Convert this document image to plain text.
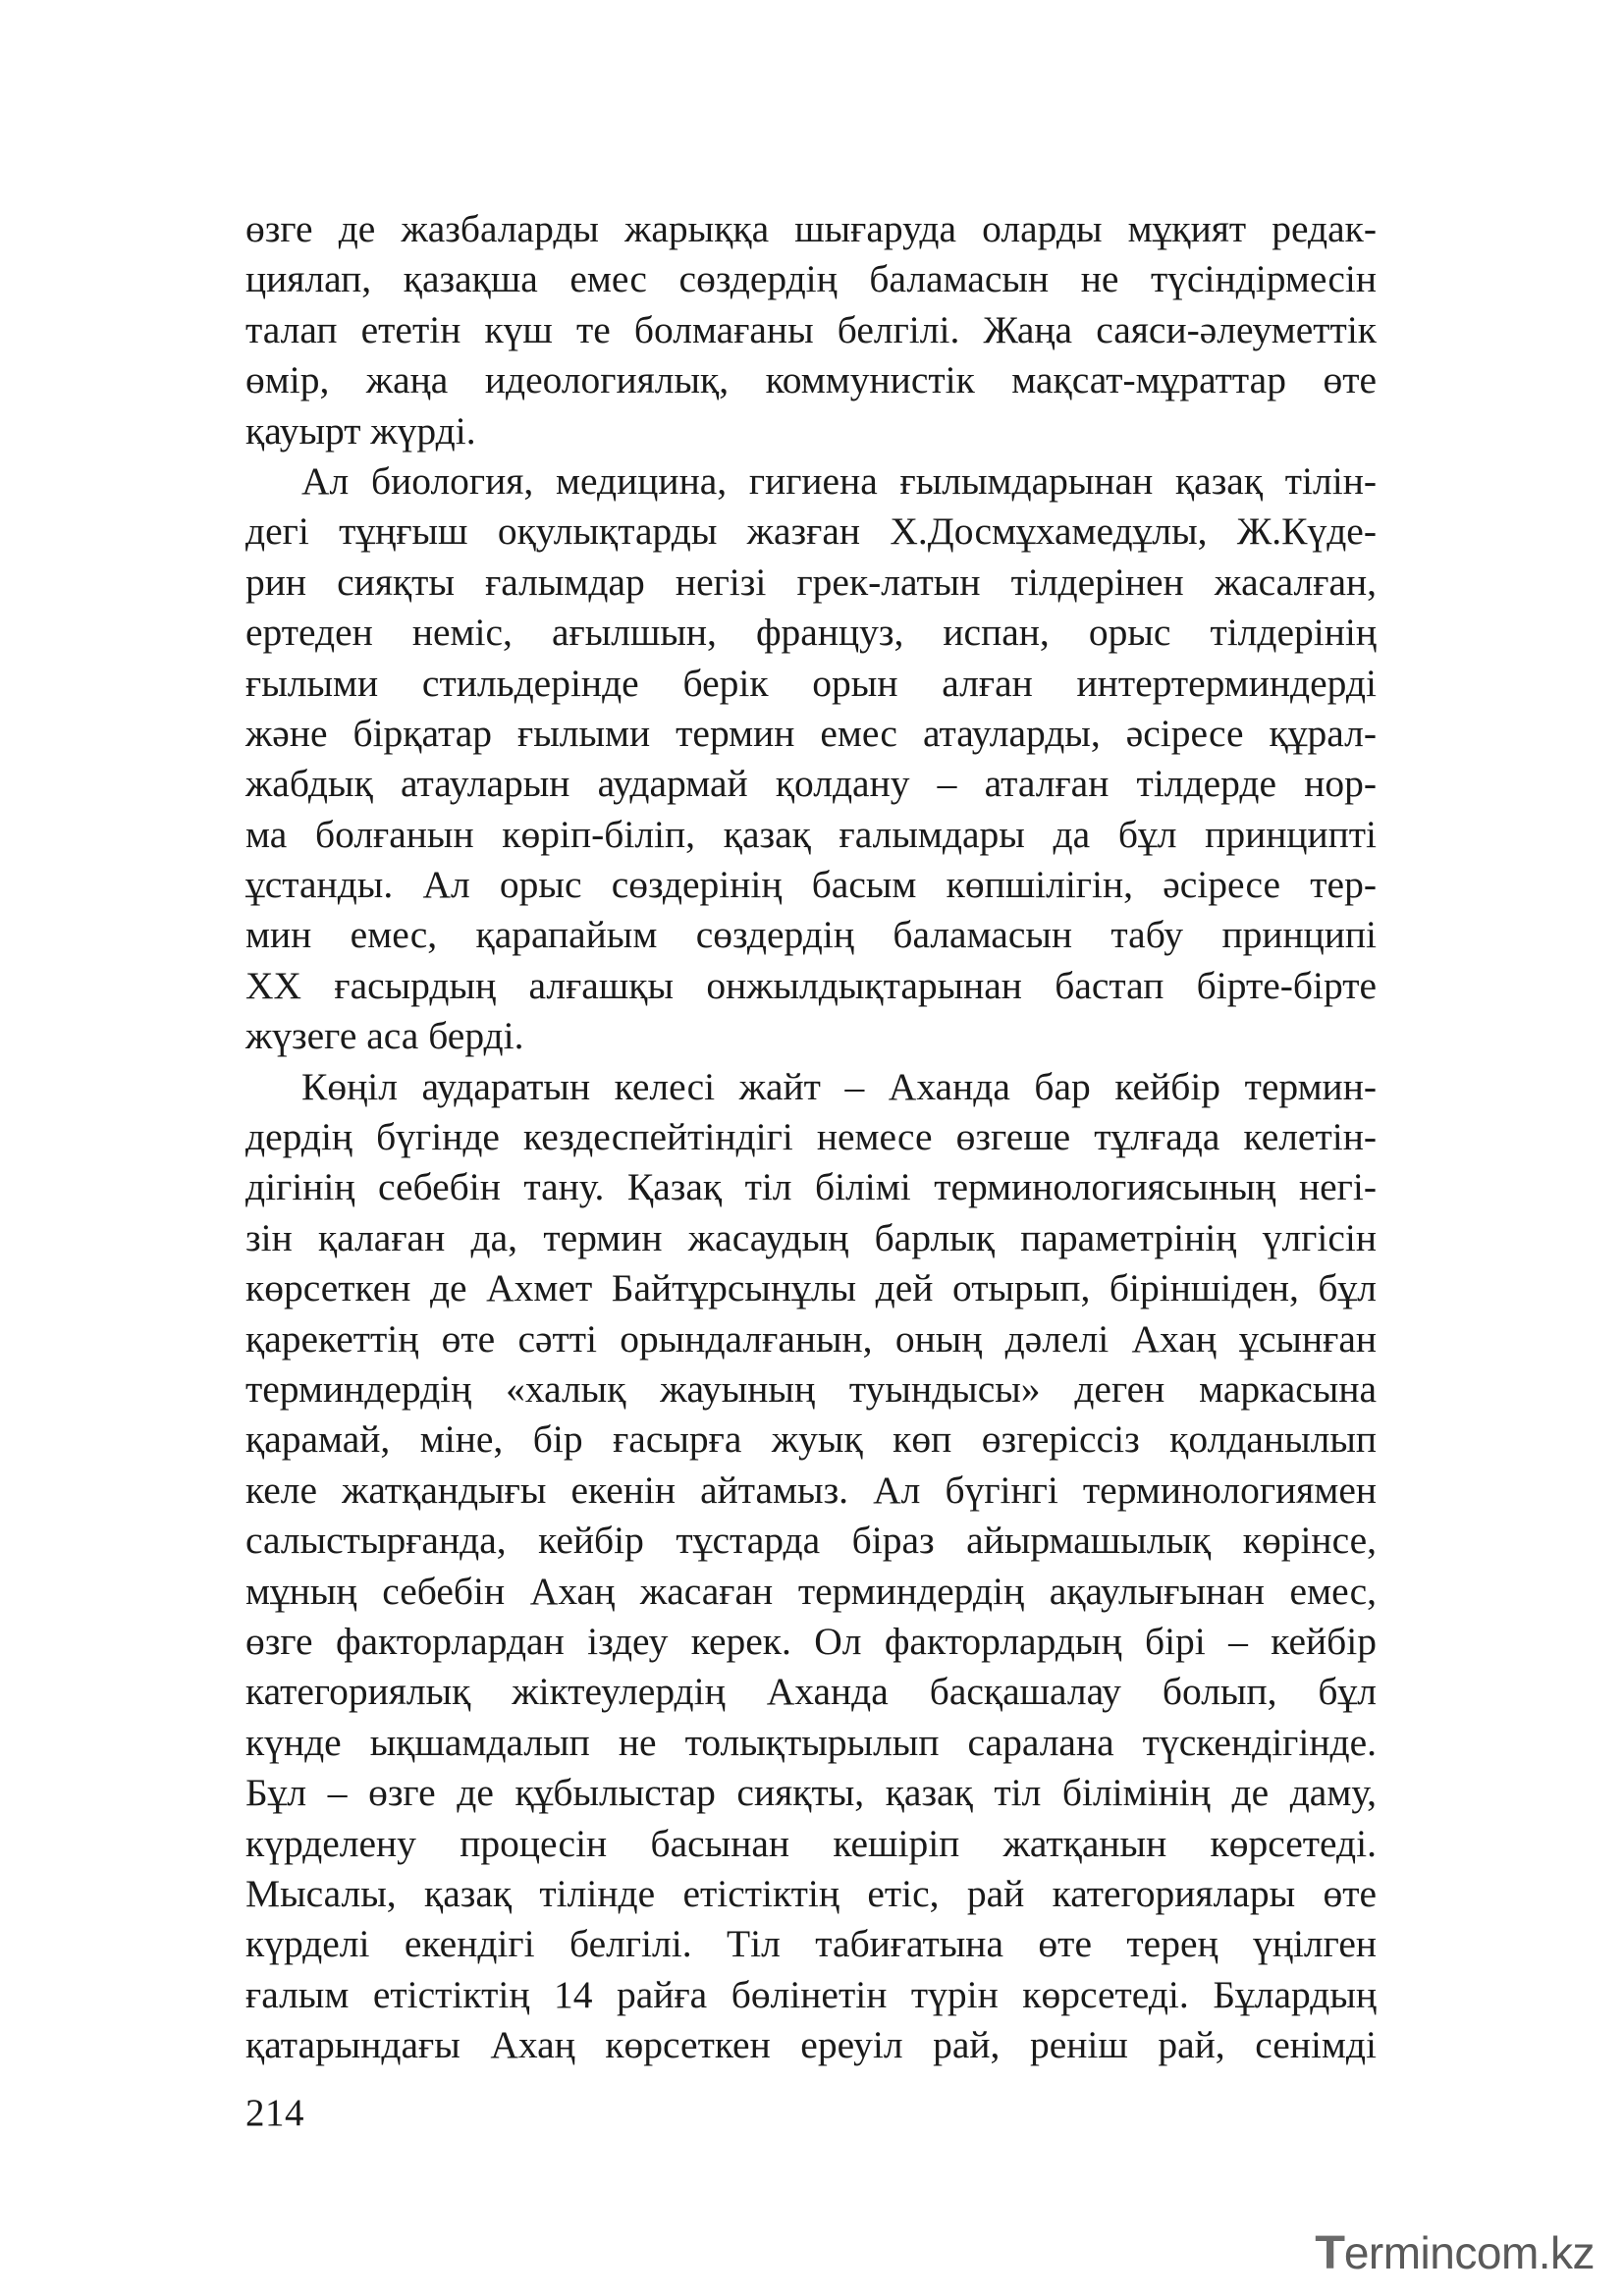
өзге де жазбаларды жарыққа шығаруда оларды мұқият редак-
циялап, қазақша емес сөздердің баламасын не түсіндірмесін
талап ететін күш те болмағаны белгілі. Жаңа саяси-әлеуметтік
өмір, жаңа идеологиялық, коммунистік мақсат-мұраттар өте
қауырт жүрді.
Ал биология, медицина, гигиена ғылымдарынан қазақ тілін-
дегі тұңғыш оқулықтарды жазған Х.Досмұхамедұлы, Ж.Күде-
рин сияқты ғалымдар негізі грек-латын тілдерінен жасалған,
ертеден неміс, ағылшын, француз, испан, орыс тілдерінің
ғылыми стильдерінде берік орын алған интертерминдерді
және бірқатар ғылыми термин емес атауларды, әсіресе құрал-
жабдық атауларын аудармай қолдану – аталған тілдерде нор-
ма болғанын көріп-біліп, қазақ ғалымдары да бұл принципті
ұстанды. Ал орыс сөздерінің басым көпшілігін, әсіресе тер-
мин емес, қарапайым сөздердің баламасын табу принципі
ХХ ғасырдың алғашқы онжылдықтарынан бастап бірте-бірте
жүзеге аса берді.
Көңіл аударатын келесі жайт – Аханда бар кейбір термин-
дердің бүгінде кездеспейтіндігі немесе өзгеше тұлғада келетін-
дігінің себебін тану. Қазақ тіл білімі терминологиясының негі-
зін қалаған да, термин жасаудың барлық параметрінің үлгісін
көрсеткен де Ахмет Байтұрсынұлы дей отырып, біріншіден, бұл
қарекеттің өте сәтті орындалғанын, оның дәлелі Ахаң ұсынған
терминдердің «халық жауының туындысы» деген маркасына
қарамай, міне, бір ғасырға жуық көп өзгеріссіз қолданылып
келе жатқандығы екенін айтамыз. Ал бүгінгі терминологиямен
салыстырғанда, кейбір тұстарда біраз айырмашылық көрінсе,
мұның себебін Ахаң жасаған терминдердің ақаулығынан емес,
өзге факторлардан іздеу керек. Ол факторлардың бірі – кейбір
категориялық жіктеулердің Аханда басқашалау болып, бұл
күнде ықшамдалып не толықтырылып саралана түскендігінде.
Бұл – өзге де құбылыстар сияқты, қазақ тіл білімінің де даму,
күрделену процесін басынан кешіріп жатқанын көрсетеді.
Мысалы, қазақ тілінде етістіктің етіс, рай категориялары өте
күрделі екендігі белгілі. Тіл табиғатына өте терең үңілген
ғалым етістіктің 14 райға бөлінетін түрін көрсетеді. Бұлардың
қатарындағы Ахаң көрсеткен ереуіл рай, реніш рай, сенімді
214
Termincom.kz
